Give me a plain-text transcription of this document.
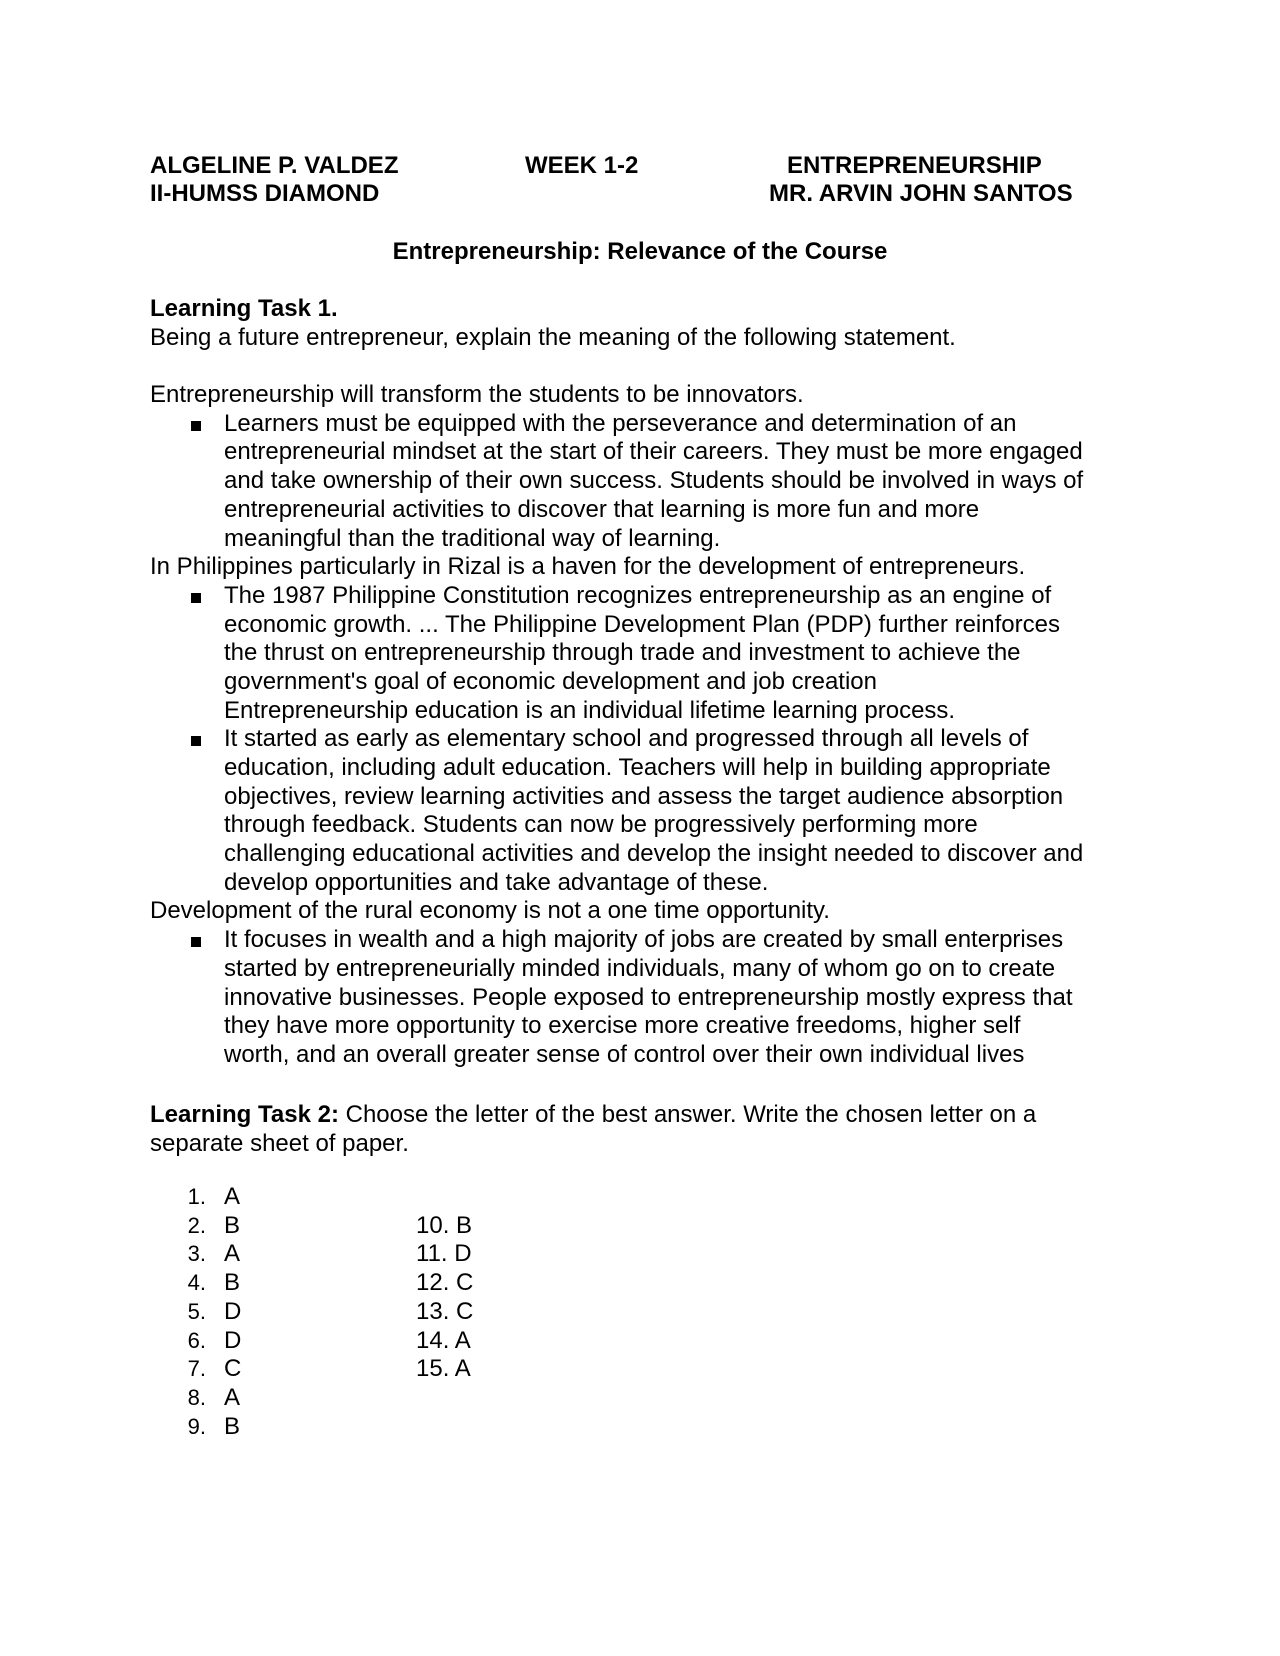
ALGELINE P. VALDEZ	WEEK 1-2	ENTREPRENEURSHIP
II-HUMSS DIAMOND	MR. ARVIN JOHN SANTOS
Entrepreneurship: Relevance of the Course

Learning Task 1.

Being a future entrepreneur, explain the meaning of the following statement.

Entrepreneurship will transform the students to be innovators.

Learners must be equipped with the perseverance and determination of an

entrepreneurial mindset at the start of their careers. They must be more engaged

and take ownership of their own success. Students should be involved in ways of

entrepreneurial activities to discover that learning is more fun and more

meaningful than the traditional way of learning.

In Philippines particularly in Rizal is a haven for the development of entrepreneurs.

The 1987 Philippine Constitution recognizes entrepreneurship as an engine of

economic growth. ... The Philippine Development Plan (PDP) further reinforces

the thrust on entrepreneurship through trade and investment to achieve the

government's goal of economic development and job creation

Entrepreneurship education is an individual lifetime learning process.

It started as early as elementary school and progressed through all levels of

education, including adult education. Teachers will help in building appropriate

objectives, review learning activities and assess the target audience absorption

through feedback. Students can now be progressively performing more

challenging educational activities and develop the insight needed to discover and

develop opportunities and take advantage of these.

Development of the rural economy is not a one time opportunity.

It focuses in wealth and a high majority of jobs are created by small enterprises

started by entrepreneurially minded individuals, many of whom go on to create

innovative businesses. People exposed to entrepreneurship mostly express that

they have more opportunity to exercise more creative freedoms, higher self

worth, and an overall greater sense of control over their own individual lives

Learning Task 2: Choose the letter of the best answer. Write the chosen letter on a

separate sheet of paper.

1. A
2. B
3. A
4. B
5. D
6. D
7. C
8. A
9. B
10. B
11. D
12. C
13. C
14. A
15. A
